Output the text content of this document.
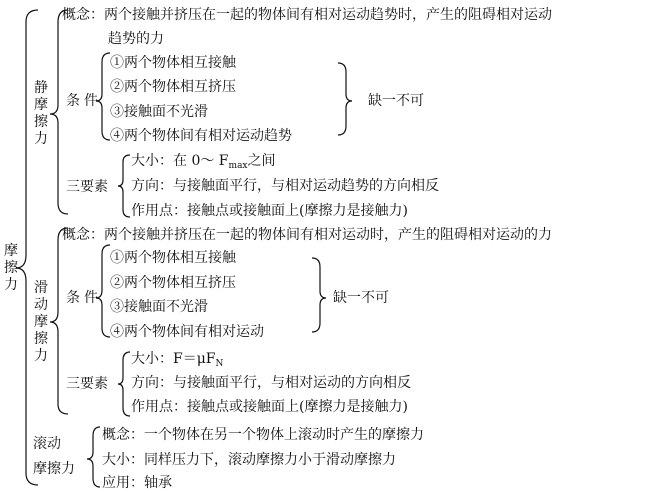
摩擦力
静摩擦力
概念：两个接触并挤压在一起的物体间有相对运动趋势时，产生的阻碍相对运动
趋势的力
条件
①两个物体相互接触
②两个物体相互挤压
③接触面不光滑
④两个物体间有相对运动趋势
缺一不可
三要素
大小：在 0～ $F_{max}$之间
方向：与接触面平行，与相对运动趋势的方向相反
作用点：接触点或接触面上(摩擦力是接触力)
滑动摩擦力
概念：两个接触并挤压在一起的物体间有相对运动时，产生的阻碍相对运动的力
条件
①两个物体相互接触
②两个物体相互挤压
③接触面不光滑
④两个物体间有相对运动
缺一不可
三要素
大小：$F=\mu F_N$
方向：与接触面平行，与相对运动的方向相反
作用点：接触点或接触面上(摩擦力是接触力)
滚动
摩擦力
概念：一个物体在另一个物体上滚动时产生的摩擦力
大小：同样压力下，滚动摩擦力小于滑动摩擦力
应用：轴承
